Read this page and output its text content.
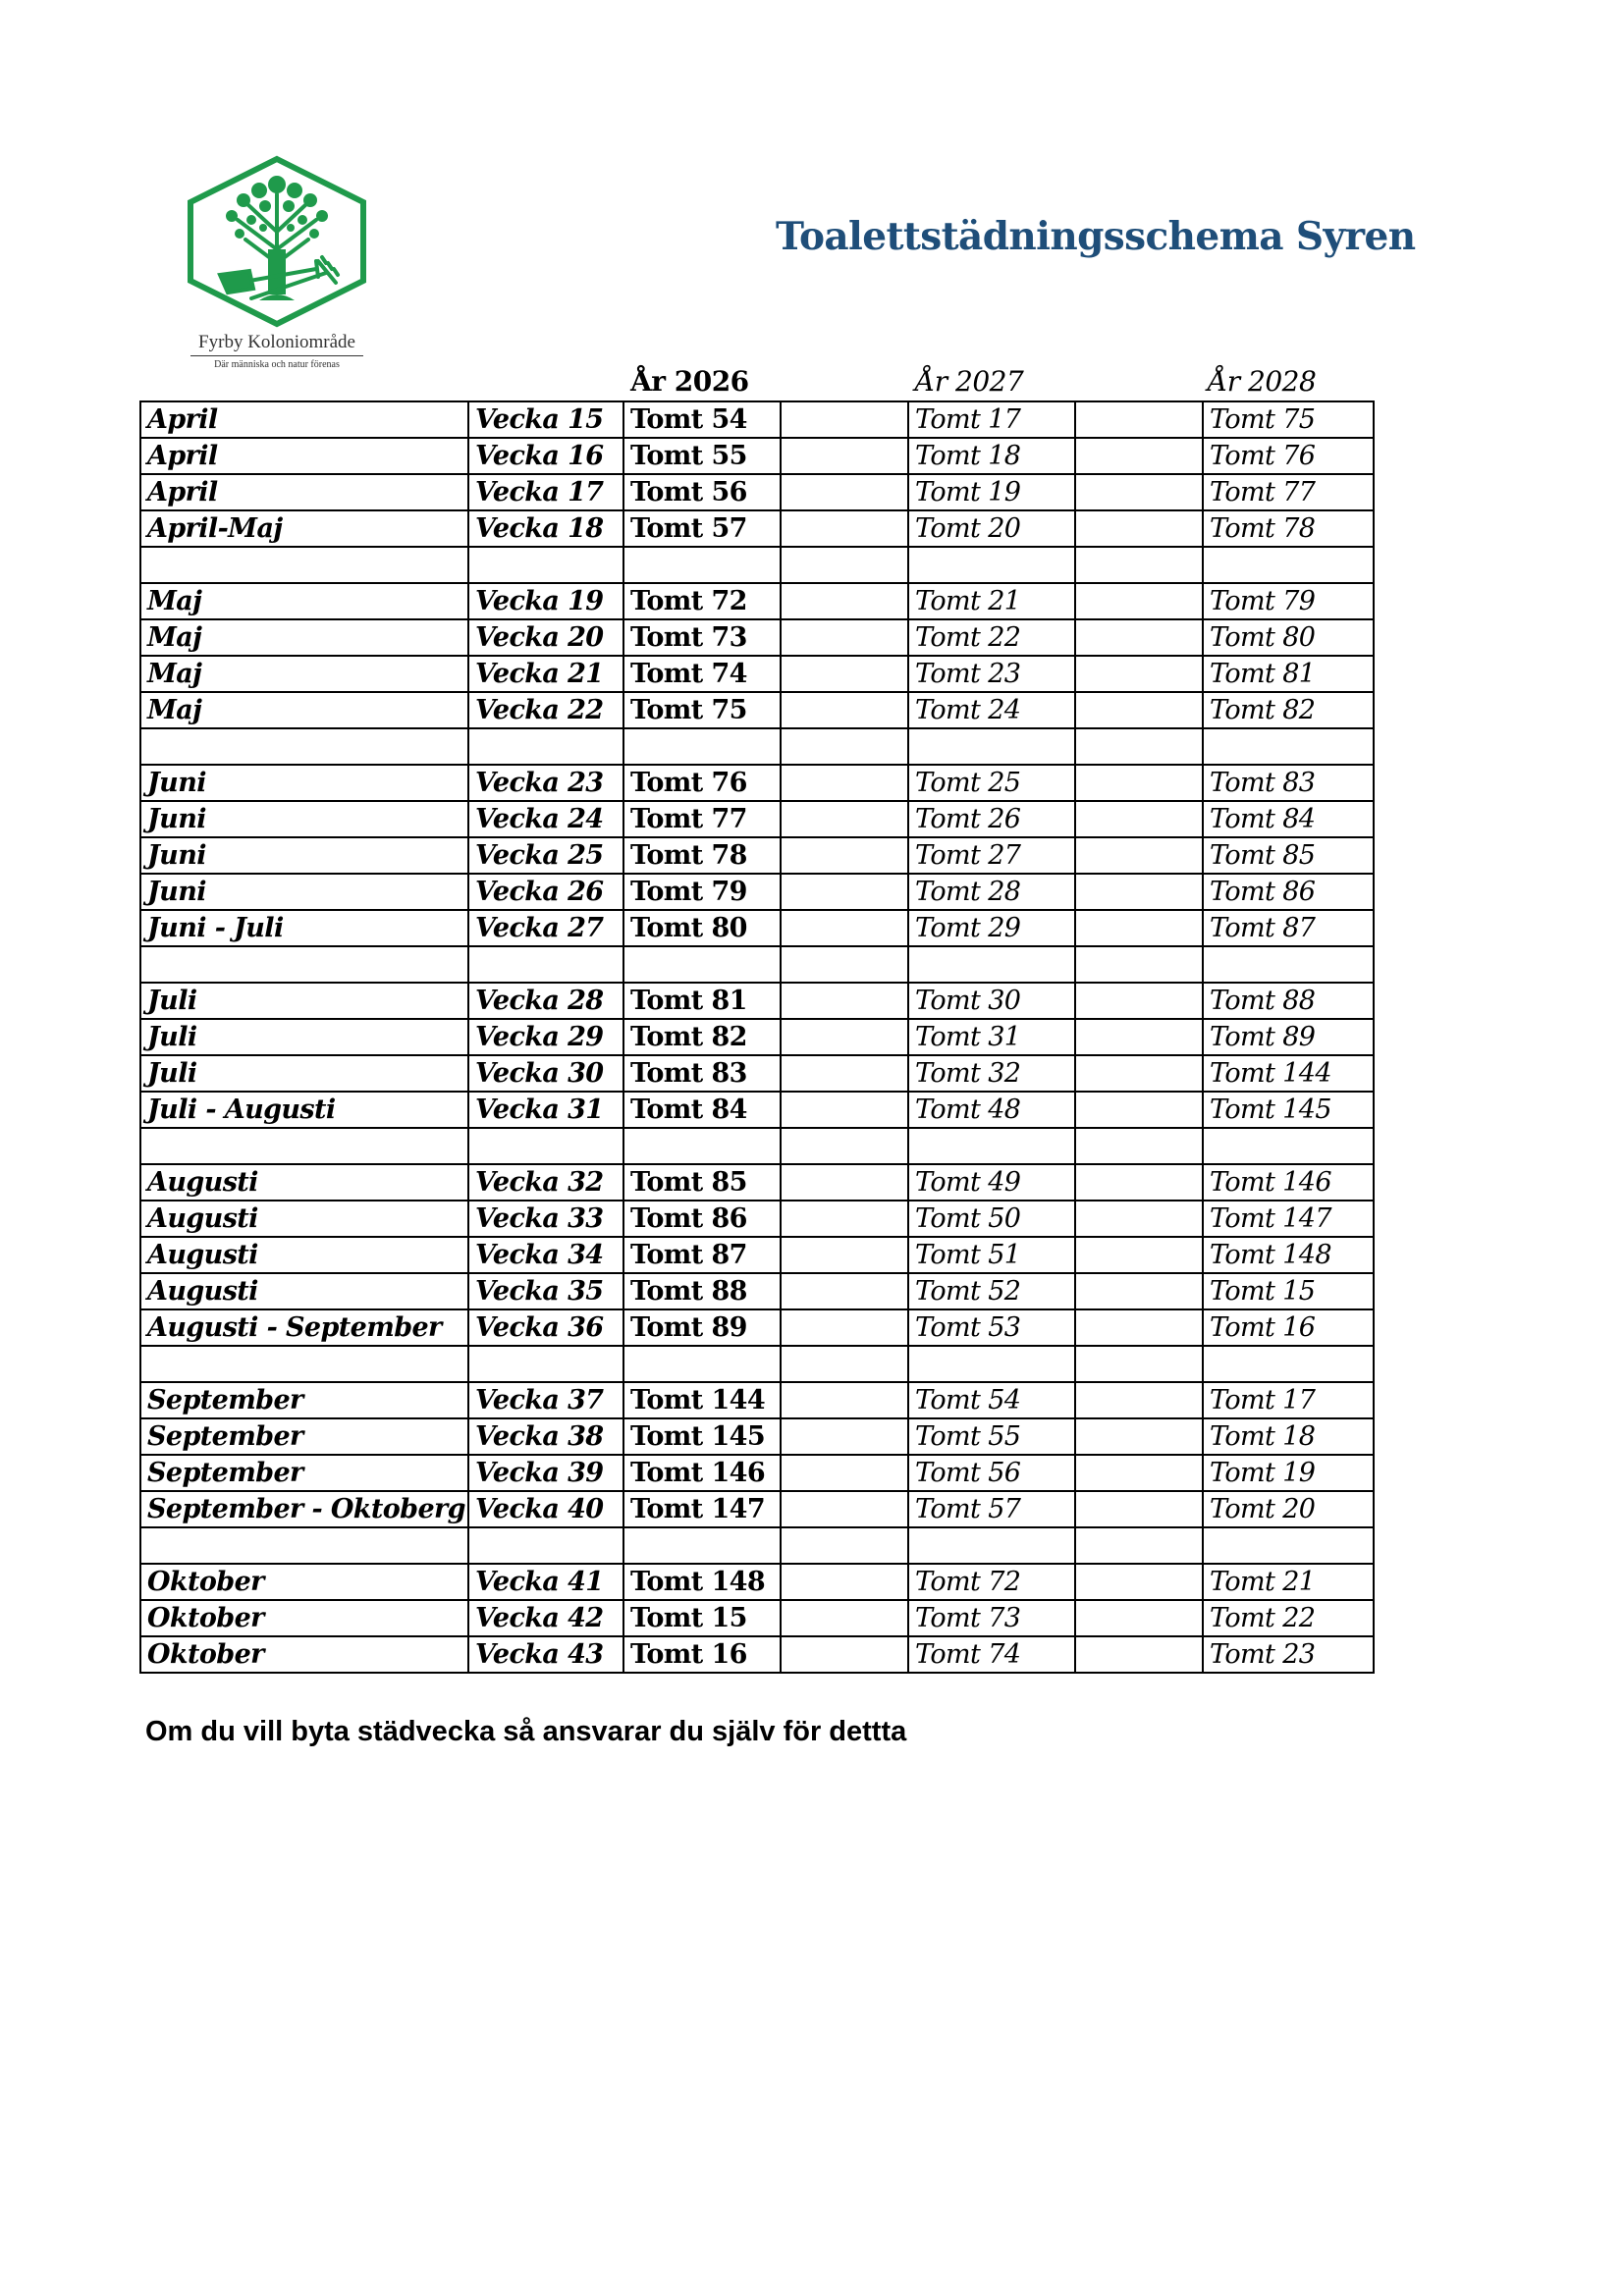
Fyrby Koloniområde
Där människa och natur förenas
Toalettstädningsschema Syren
År 2026	År 2027	År 2028
April	Vecka 15	Tomt 54		Tomt 17		Tomt 75
April	Vecka 16	Tomt 55		Tomt 18		Tomt 76
April	Vecka 17	Tomt 56		Tomt 19		Tomt 77
April-Maj	Vecka 18	Tomt 57		Tomt 20		Tomt 78

Maj	Vecka 19	Tomt 72		Tomt 21		Tomt 79
Maj	Vecka 20	Tomt 73		Tomt 22		Tomt 80
Maj	Vecka 21	Tomt 74		Tomt 23		Tomt 81
Maj	Vecka 22	Tomt 75		Tomt 24		Tomt 82

Juni	Vecka 23	Tomt 76		Tomt 25		Tomt 83
Juni	Vecka 24	Tomt 77		Tomt 26		Tomt 84
Juni	Vecka 25	Tomt 78		Tomt 27		Tomt 85
Juni	Vecka 26	Tomt 79		Tomt 28		Tomt 86
Juni - Juli	Vecka 27	Tomt 80		Tomt 29		Tomt 87

Juli	Vecka 28	Tomt 81		Tomt 30		Tomt 88
Juli	Vecka 29	Tomt 82		Tomt 31		Tomt 89
Juli	Vecka 30	Tomt 83		Tomt 32		Tomt 144
Juli - Augusti	Vecka 31	Tomt 84		Tomt 48		Tomt 145

Augusti	Vecka 32	Tomt 85		Tomt 49		Tomt 146
Augusti	Vecka 33	Tomt 86		Tomt 50		Tomt 147
Augusti	Vecka 34	Tomt 87		Tomt 51		Tomt 148
Augusti	Vecka 35	Tomt 88		Tomt 52		Tomt 15
Augusti - September	Vecka 36	Tomt 89		Tomt 53		Tomt 16

September	Vecka 37	Tomt 144		Tomt 54		Tomt 17
September	Vecka 38	Tomt 145		Tomt 55		Tomt 18
September	Vecka 39	Tomt 146		Tomt 56		Tomt 19
September - Oktoberg	Vecka 40	Tomt 147		Tomt 57		Tomt 20

Oktober	Vecka 41	Tomt 148		Tomt 72		Tomt 21
Oktober	Vecka 42	Tomt 15		Tomt 73		Tomt 22
Oktober	Vecka 43	Tomt 16		Tomt 74		Tomt 23
Om du vill byta städvecka så ansvarar du själv för dettta
